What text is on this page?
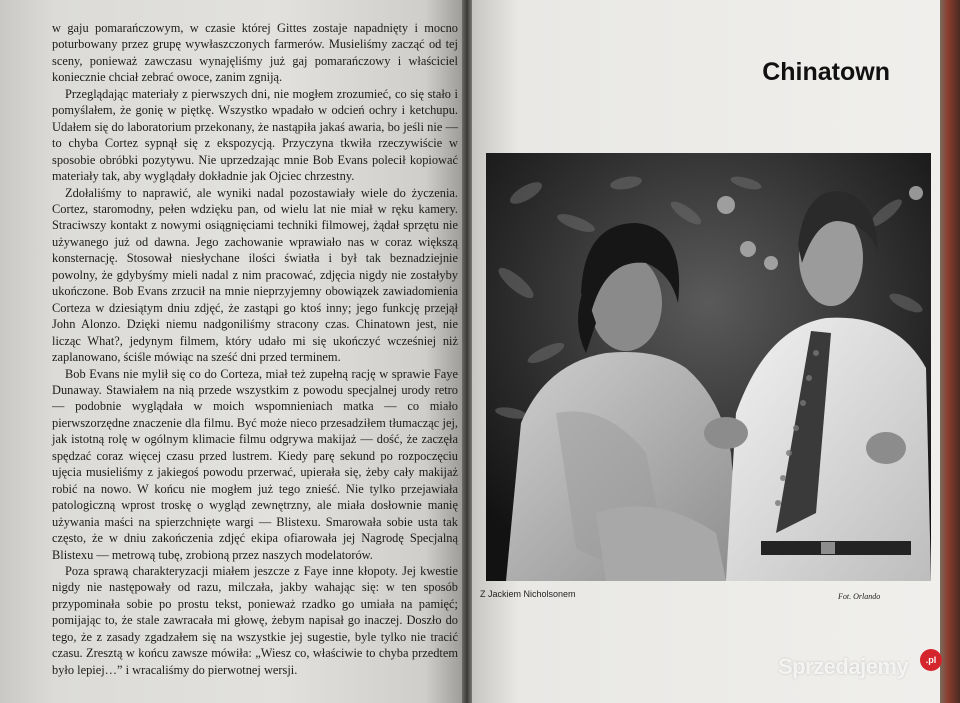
w gaju pomarańczowym, w czasie której Gittes zostaje napadnięty i mocno poturbowany przez grupę wywłaszczonych farmerów. Musieliśmy zacząć od tej sceny, ponieważ zawczasu wynajęliśmy już gaj pomarańczowy i właściciel koniecznie chciał zebrać owoce, zanim zgniją.

Przeglądając materiały z pierwszych dni, nie mogłem zrozumieć, co się stało i pomyślałem, że gonię w piętkę. Wszystko wpadało w odcień ochry i ketchupu. Udałem się do laboratorium przekonany, że nastąpiła jakaś awaria, bo jeśli nie — to chyba Cortez sypnął się z ekspozycją. Przyczyna tkwiła rzeczywiście w sposobie obróbki pozytywu. Nie uprzedzając mnie Bob Evans polecił kopiować materiały tak, aby wyglądały dokładnie jak Ojciec chrzestny.

Zdołaliśmy to naprawić, ale wyniki nadal pozostawiały wiele do życzenia. Cortez, staromodny, pełen wdzięku pan, od wielu lat nie miał w ręku kamery. Straciwszy kontakt z nowymi osiągnięciami techniki filmowej, żądał sprzętu nie używanego już od dawna. Jego zachowanie wprawiało nas w coraz większą konsternację. Stosował niesłychane ilości światła i był tak beznadziejnie powolny, że gdybyśmy mieli nadal z nim pracować, zdjęcia nigdy nie zostałyby ukończone. Bob Evans zrzucił na mnie nieprzyjemny obowiązek zawiadomienia Corteza w dziesiątym dniu zdjęć, że zastąpi go ktoś inny; jego funkcję przejął John Alonzo. Dzięki niemu nadgoniliśmy stracony czas. Chinatown jest, nie licząc What?, jedynym filmem, który udało mi się ukończyć wcześniej niż zaplanowano, ściśle mówiąc na sześć dni przed terminem.

Bob Evans nie mylił się co do Corteza, miał też zupełną rację w sprawie Faye Dunaway. Stawiałem na nią przede wszystkim z powodu specjalnej urody retro — podobnie wyglądała w moich wspomnieniach matka — co miało pierwszorzędne znaczenie dla filmu. Być może nieco przesadziłem tłumacząc jej, jak istotną rolę w ogólnym klimacie filmu odgrywa makijaż — dość, że zaczęła spędzać coraz więcej czasu przed lustrem. Kiedy parę sekund po rozpoczęciu ujęcia musieliśmy z jakiegoś powodu przerwać, upierała się, żeby cały makijaż robić na nowo. W końcu nie mogłem już tego znieść. Nie tylko przejawiała patologiczną wprost troskę o wygląd zewnętrzny, ale miała dosłownie manię używania maści na spierzchnięte wargi — Blistexu. Smarowała sobie usta tak często, że w dniu zakończenia zdjęć ekipa ofiarowała jej Nagrodę Specjalną Blistexu — metrową tubę, zrobioną przez naszych modelatorów.

Poza sprawą charakteryzacji miałem jeszcze z Faye inne kłopoty. Jej kwestie nigdy nie następowały od razu, milczała, jakby wahając się: w ten sposób przypominała sobie po prostu tekst, ponieważ rzadko go umiała na pamięć; pomijając to, że stale zawracała mi głowę, żebym napisał go inaczej. Doszło do tego, że z zasady zgadzałem się na wszystkie jej sugestie, byle tylko nie tracić czasu. Zresztą w końcu zawsze mówiła: „Wiesz co, właściwie to chyba przedtem było lepiej…” i wracaliśmy do pierwotnej wersji.

Chinatown
Z Jackiem Nicholsonem	Fot. Orlando
Sprzedajemy	.pl
